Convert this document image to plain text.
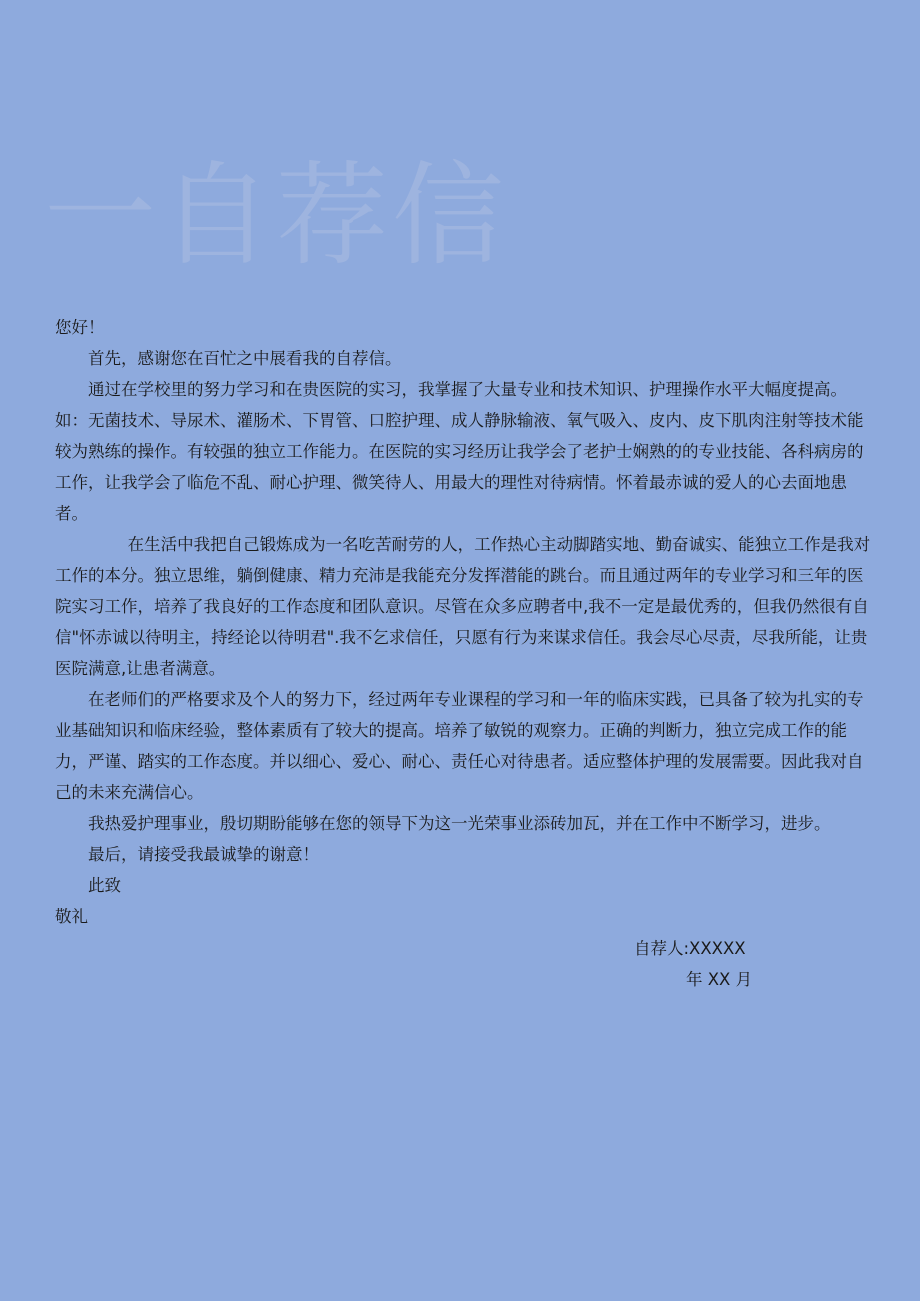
一自荐信

您好！

首先，感谢您在百忙之中展看我的自荐信。

通过在学校里的努力学习和在贵医院的实习，我掌握了大量专业和技术知识、护理操作水平大幅度提高。如：无菌技术、导尿术、灌肠术、下胃管、口腔护理、成人静脉输液、氧气吸入、皮内、皮下肌肉注射等技术能较为熟练的操作。有较强的独立工作能力。在医院的实习经历让我学会了老护士娴熟的的专业技能、各科病房的工作，让我学会了临危不乱、耐心护理、微笑待人、用最大的理性对待病情。怀着最赤诚的爱人的心去面地患者。

在生活中我把自己锻炼成为一名吃苦耐劳的人，工作热心主动脚踏实地、勤奋诚实、能独立工作是我对工作的本分。独立思维，躺倒健康、精力充沛是我能充分发挥潜能的跳台。而且通过两年的专业学习和三年的医院实习工作，培养了我良好的工作态度和团队意识。尽管在众多应聘者中,我不一定是最优秀的，但我仍然很有自信"怀赤诚以待明主，持经论以待明君".我不乞求信任，只愿有行为来谋求信任。我会尽心尽责，尽我所能，让贵医院满意,让患者满意。

在老师们的严格要求及个人的努力下，经过两年专业课程的学习和一年的临床实践，已具备了较为扎实的专业基础知识和临床经验，整体素质有了较大的提高。培养了敏锐的观察力。正确的判断力，独立完成工作的能力，严谨、踏实的工作态度。并以细心、爱心、耐心、责任心对待患者。适应整体护理的发展需要。因此我对自己的未来充满信心。

我热爱护理事业，殷切期盼能够在您的领导下为这一光荣事业添砖加瓦，并在工作中不断学习，进步。

最后，请接受我最诚挚的谢意！

此致

敬礼

自荐人:XXXXX
年 XX 月
